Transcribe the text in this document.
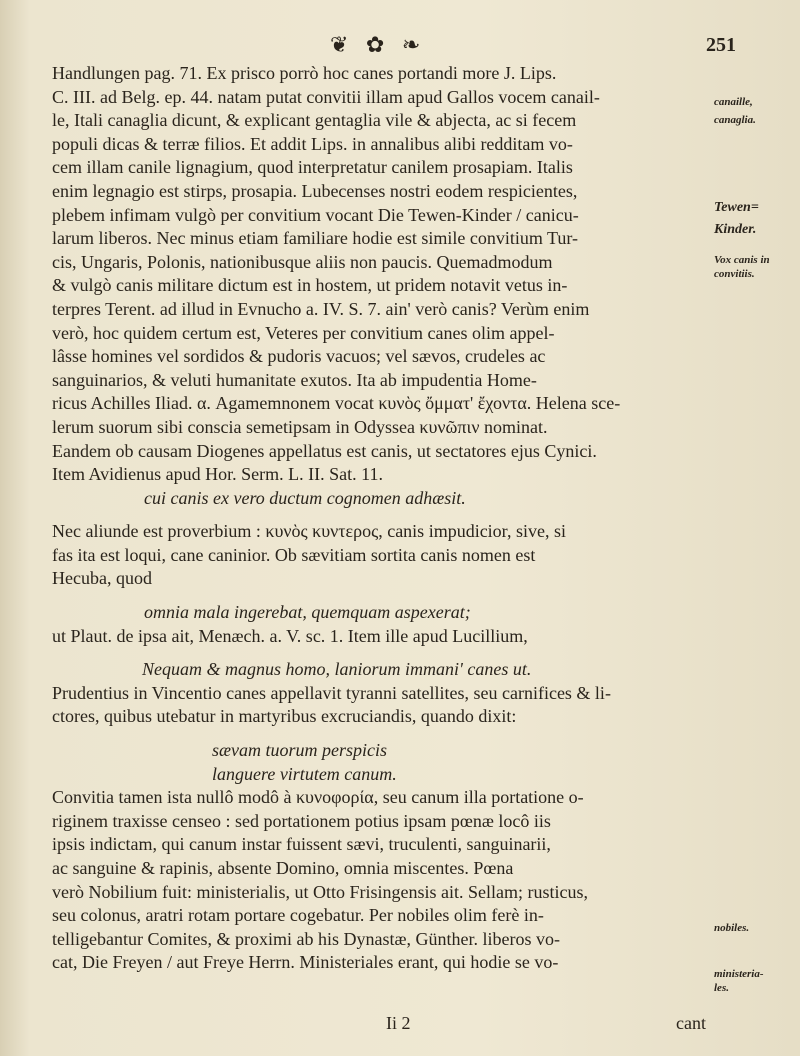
❦ ✿ ❧	251
Handlungen pag. 71. Ex prisco porrò hoc canes portandi more J. Lips.
C. III. ad Belg. ep. 44. natam putat convitii illam apud Gallos vocem canail-
le, Itali canaglia dicunt, & explicant gentaglia vile & abjecta, ac si fecem
populi dicas & terræ filios. Et addit Lips. in annalibus alibi redditam vo-
cem illam canile lignagium, quod interpretatur canilem prosapiam. Italis
enim legnagio est stirps, prosapia. Lubecenses nostri eodem respicientes,
plebem infimam vulgò per convitium vocant Die Tewen-Kinder / canicu-
larum liberos. Nec minus etiam familiare hodie est simile convitium Tur-
cis, Ungaris, Polonis, nationibusque aliis non paucis. Quemadmodum
& vulgò canis militare dictum est in hostem, ut pridem notavit vetus in-
terpres Terent. ad illud in Evnucho a. IV. S. 7. ain' verò canis? Verùm enim
verò, hoc quidem certum est, Veteres per convitium canes olim appel-
lâsse homines vel sordidos & pudoris vacuos; vel sævos, crudeles ac
sanguinarios, & veluti humanitate exutos. Ita ab impudentia Home-
ricus Achilles Iliad. α. Agamemnonem vocat κυνὸς ὄμματ' ἔχοντα. Helena sce-
lerum suorum sibi conscia semetipsam in Odyssea κυνῶπιν nominat.
Eandem ob causam Diogenes appellatus est canis, ut sectatores ejus Cynici.
Item Avidienus apud Hor. Serm. L. II. Sat. 11.
cui canis ex vero ductum cognomen adhæsit.
Nec aliunde est proverbium : κυνὸς κυντερος, canis impudicior, sive, si
fas ita est loqui, cane caninior. Ob sævitiam sortita canis nomen est
Hecuba, quod
omnia mala ingerebat, quemquam aspexerat;
ut Plaut. de ipsa ait, Menæch. a. V. sc. 1. Item ille apud Lucillium,
Nequam & magnus homo, laniorum immani' canes ut.
Prudentius in Vincentio canes appellavit tyranni satellites, seu carnifices & li-
ctores, quibus utebatur in martyribus excruciandis, quando dixit:
sævam tuorum perspicis
languere virtutem canum.
Convitia tamen ista nullô modô à κυνοφορία, seu canum illa portatione o-
riginem traxisse censeo : sed portationem potius ipsam pœnæ locô iis
ipsis indictam, qui canum instar fuissent sævi, truculenti, sanguinarii,
ac sanguine & rapinis, absente Domino, omnia miscentes. Pœna
verò Nobilium fuit: ministerialis, ut Otto Frisingensis ait. Sellam; rusticus,
seu colonus, aratri rotam portare cogebatur. Per nobiles olim ferè in-
telligebantur Comites, & proximi ab his Dynastæ, Günther. liberos vo-
cat, Die Freyen / aut Freye Herrn. Ministeriales erant, qui hodie se vo-
canaille,
canaglia.
Tewen=
Kinder.
Vox canis in
convitiis.
nobiles.
ministeria-
les.
Ii 2	cant
